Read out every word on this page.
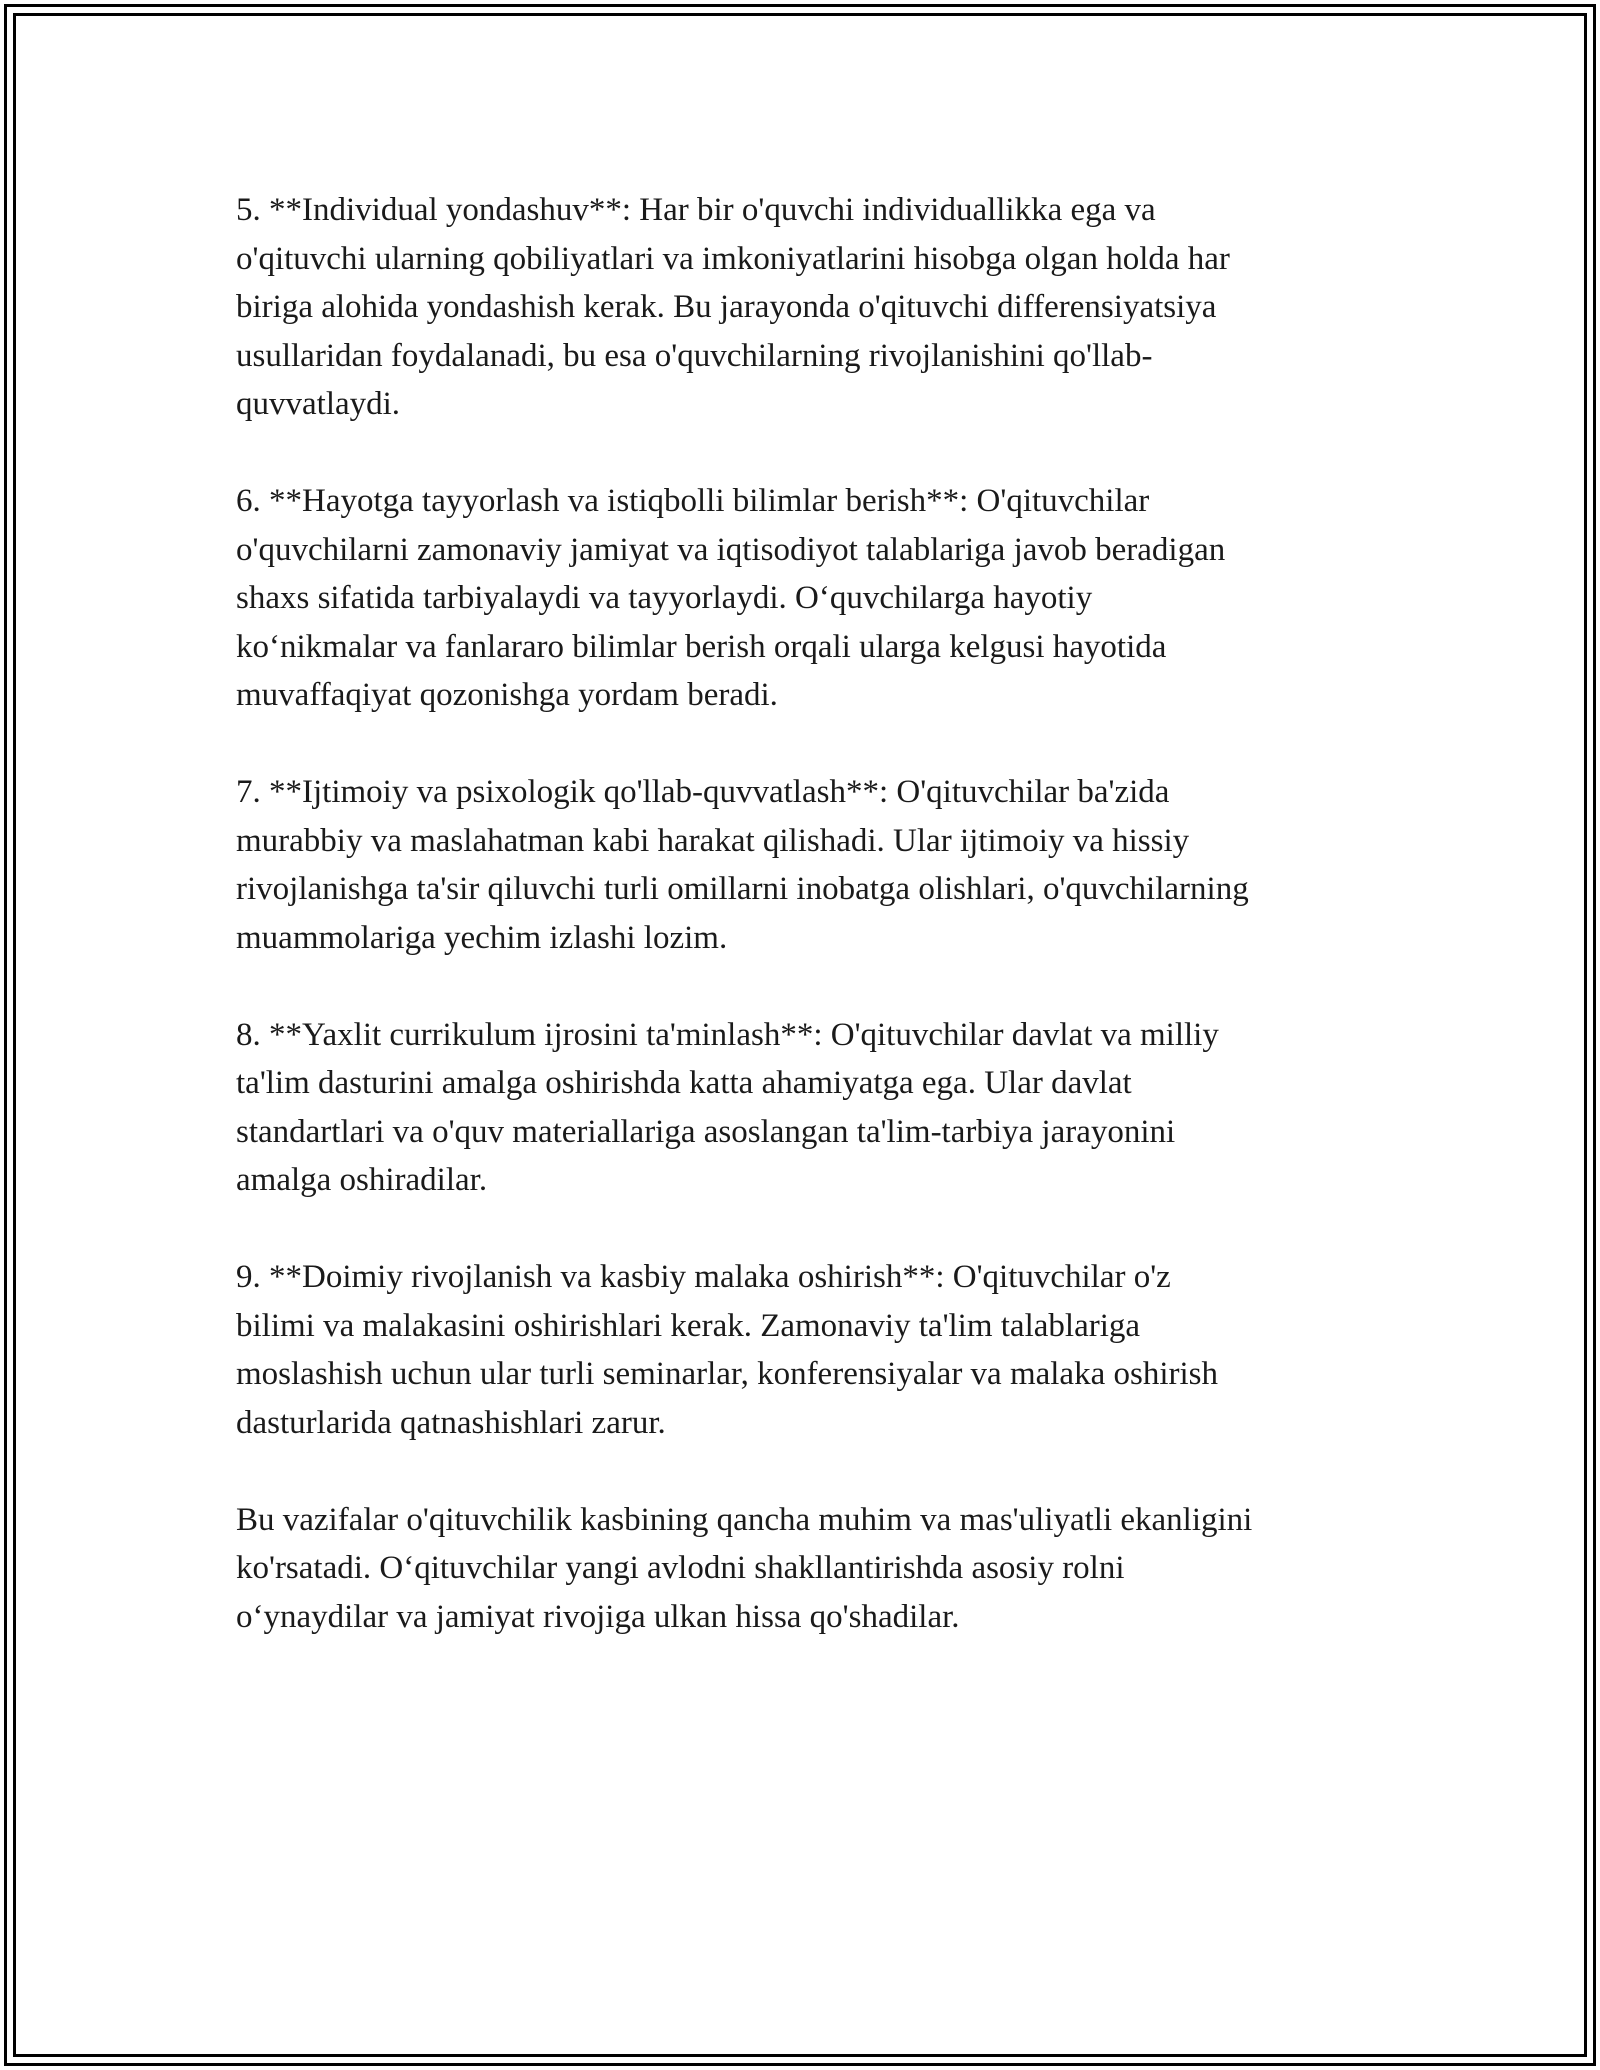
5. **Individual yondashuv**: Har bir o'quvchi individuallikka ega va
o'qituvchi ularning qobiliyatlari va imkoniyatlarini hisobga olgan holda har
biriga alohida yondashish kerak. Bu jarayonda o'qituvchi differensiyatsiya
usullaridan foydalanadi, bu esa o'quvchilarning rivojlanishini qo'llab-
quvvatlaydi.

6. **Hayotga tayyorlash va istiqbolli bilimlar berish**: O'qituvchilar
o'quvchilarni zamonaviy jamiyat va iqtisodiyot talablariga javob beradigan
shaxs sifatida tarbiyalaydi va tayyorlaydi. O‘quvchilarga hayotiy
ko‘nikmalar va fanlararo bilimlar berish orqali ularga kelgusi hayotida
muvaffaqiyat qozonishga yordam beradi.

7. **Ijtimoiy va psixologik qo'llab-quvvatlash**: O'qituvchilar ba'zida
murabbiy va maslahatman kabi harakat qilishadi. Ular ijtimoiy va hissiy
rivojlanishga ta'sir qiluvchi turli omillarni inobatga olishlari, o'quvchilarning
muammolariga yechim izlashi lozim.

8. **Yaxlit currikulum ijrosini ta'minlash**: O'qituvchilar davlat va milliy
ta'lim dasturini amalga oshirishda katta ahamiyatga ega. Ular davlat
standartlari va o'quv materiallariga asoslangan ta'lim-tarbiya jarayonini
amalga oshiradilar.

9. **Doimiy rivojlanish va kasbiy malaka oshirish**: O'qituvchilar o'z
bilimi va malakasini oshirishlari kerak. Zamonaviy ta'lim talablariga
moslashish uchun ular turli seminarlar, konferensiyalar va malaka oshirish
dasturlarida qatnashishlari zarur.

Bu vazifalar o'qituvchilik kasbining qancha muhim va mas'uliyatli ekanligini
ko'rsatadi. O‘qituvchilar yangi avlodni shakllantirishda asosiy rolni
o‘ynaydilar va jamiyat rivojiga ulkan hissa qo'shadilar.
